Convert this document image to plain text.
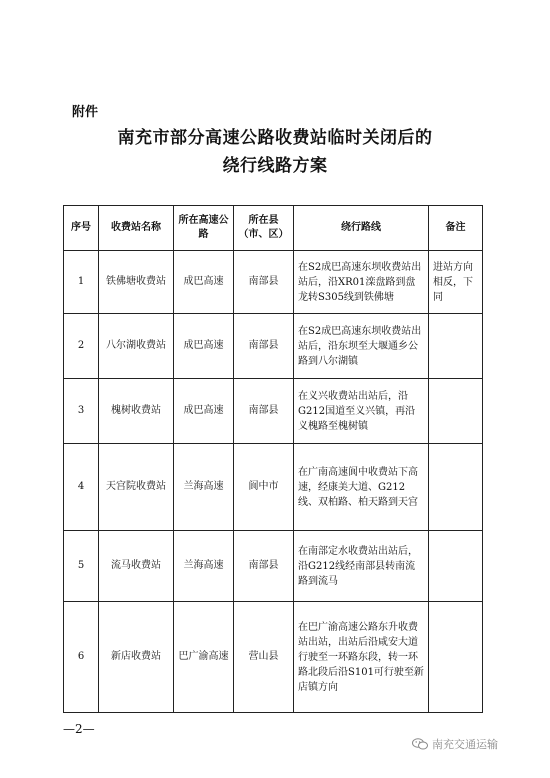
附件
南充市部分高速公路收费站临时关闭后的
绕行线路方案
序号	收费站名称	所在高速公路	所在县（市、区）	绕行路线	备注
1	铁佛塘收费站	成巴高速	南部县	在S2成巴高速东坝收费站出站后，沿XR01滦盘路到盘龙转S305线到铁佛塘	进站方向相反，下同
2	八尔湖收费站	成巴高速	南部县	在S2成巴高速东坝收费站出站后，沿东坝至大堰通乡公路到八尔湖镇	
3	槐树收费站	成巴高速	南部县	在义兴收费站出站后，沿G212国道至义兴镇，再沿义槐路至槐树镇	
4	天宫院收费站	兰海高速	阆中市	在广南高速阆中收费站下高速，经康美大道、G212线、双柏路、柏天路到天宫	
5	流马收费站	兰海高速	南部县	在南部定水收费站出站后，沿G212线经南部县转南流路到流马	
6	新店收费站	巴广渝高速	营山县	在巴广渝高速公路东升收费站出站，出站后沿咸安大道行驶至一环路东段，转一环路北段后沿S101可行驶至新店镇方向	
—2—
南充交通运输
